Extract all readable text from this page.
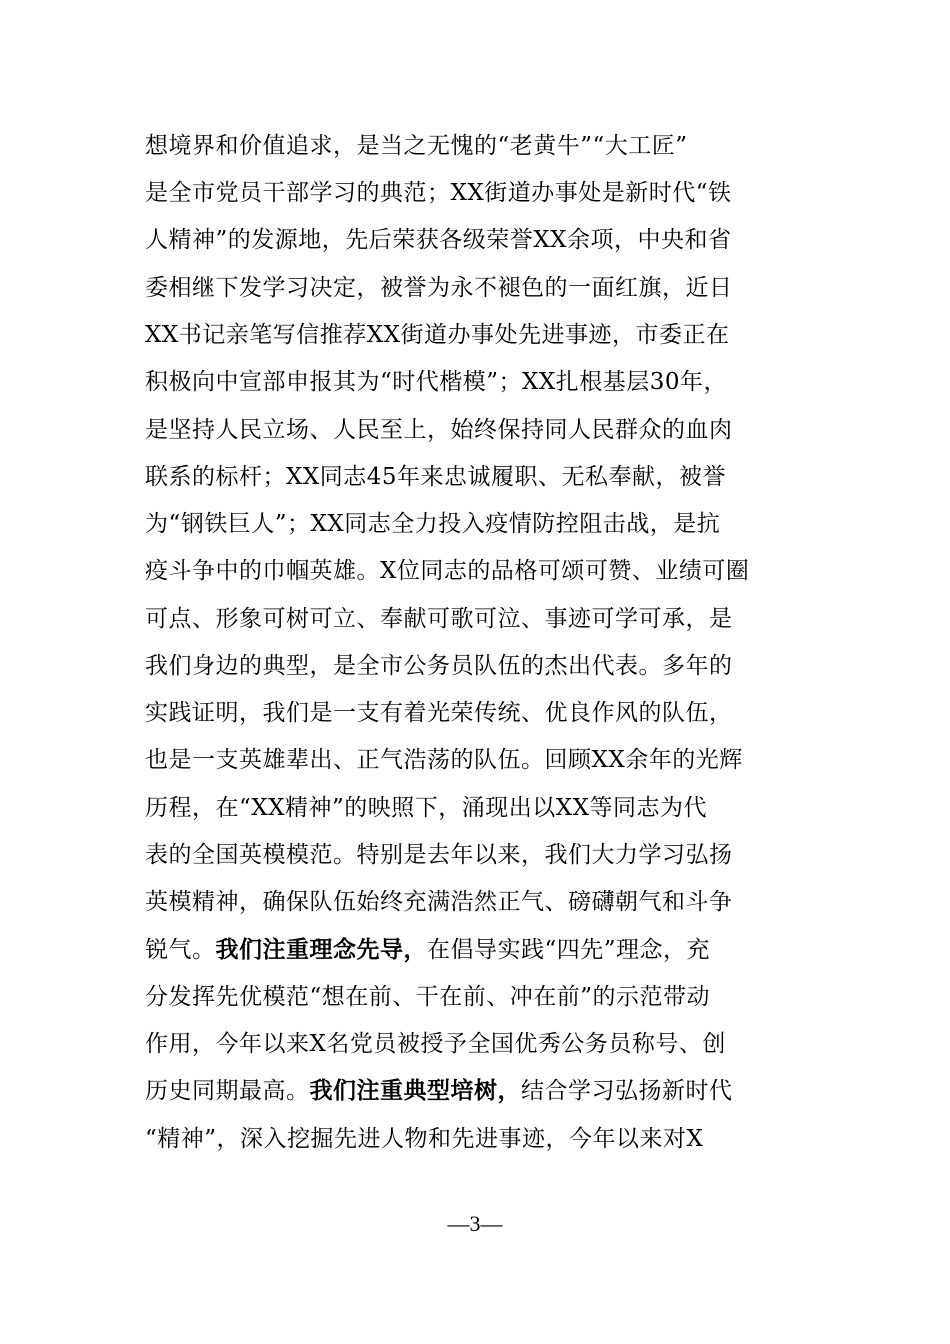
想境界和价值追求，是当之无愧的“老黄牛”“大工匠”
是全市党员干部学习的典范；XX街道办事处是新时代“铁
人精神”的发源地，先后荣获各级荣誉XX余项，中央和省
委相继下发学习决定，被誉为永不褪色的一面红旗，近日
XX书记亲笔写信推荐XX街道办事处先进事迹，市委正在
积极向中宣部申报其为“时代楷模”；XX扎根基层30年，
是坚持人民立场、人民至上，始终保持同人民群众的血肉
联系的标杆；XX同志45年来忠诚履职、无私奉献，被誉
为“钢铁巨人”；XX同志全力投入疫情防控阻击战，是抗
疫斗争中的巾帼英雄。X位同志的品格可颂可赞、业绩可圈
可点、形象可树可立、奉献可歌可泣、事迹可学可承，是
我们身边的典型，是全市公务员队伍的杰出代表。多年的
实践证明，我们是一支有着光荣传统、优良作风的队伍，
也是一支英雄辈出、正气浩荡的队伍。回顾XX余年的光辉
历程，在“XX精神”的映照下，涌现出以XX等同志为代
表的全国英模模范。特别是去年以来，我们大力学习弘扬
英模精神，确保队伍始终充满浩然正气、磅礴朝气和斗争
锐气。我们注重理念先导，在倡导实践“四先”理念，充
分发挥先优模范“想在前、干在前、冲在前”的示范带动
作用，今年以来X名党员被授予全国优秀公务员称号、创
历史同期最高。我们注重典型培树，结合学习弘扬新时代
“精神”，深入挖掘先进人物和先进事迹，今年以来对X
—3—
